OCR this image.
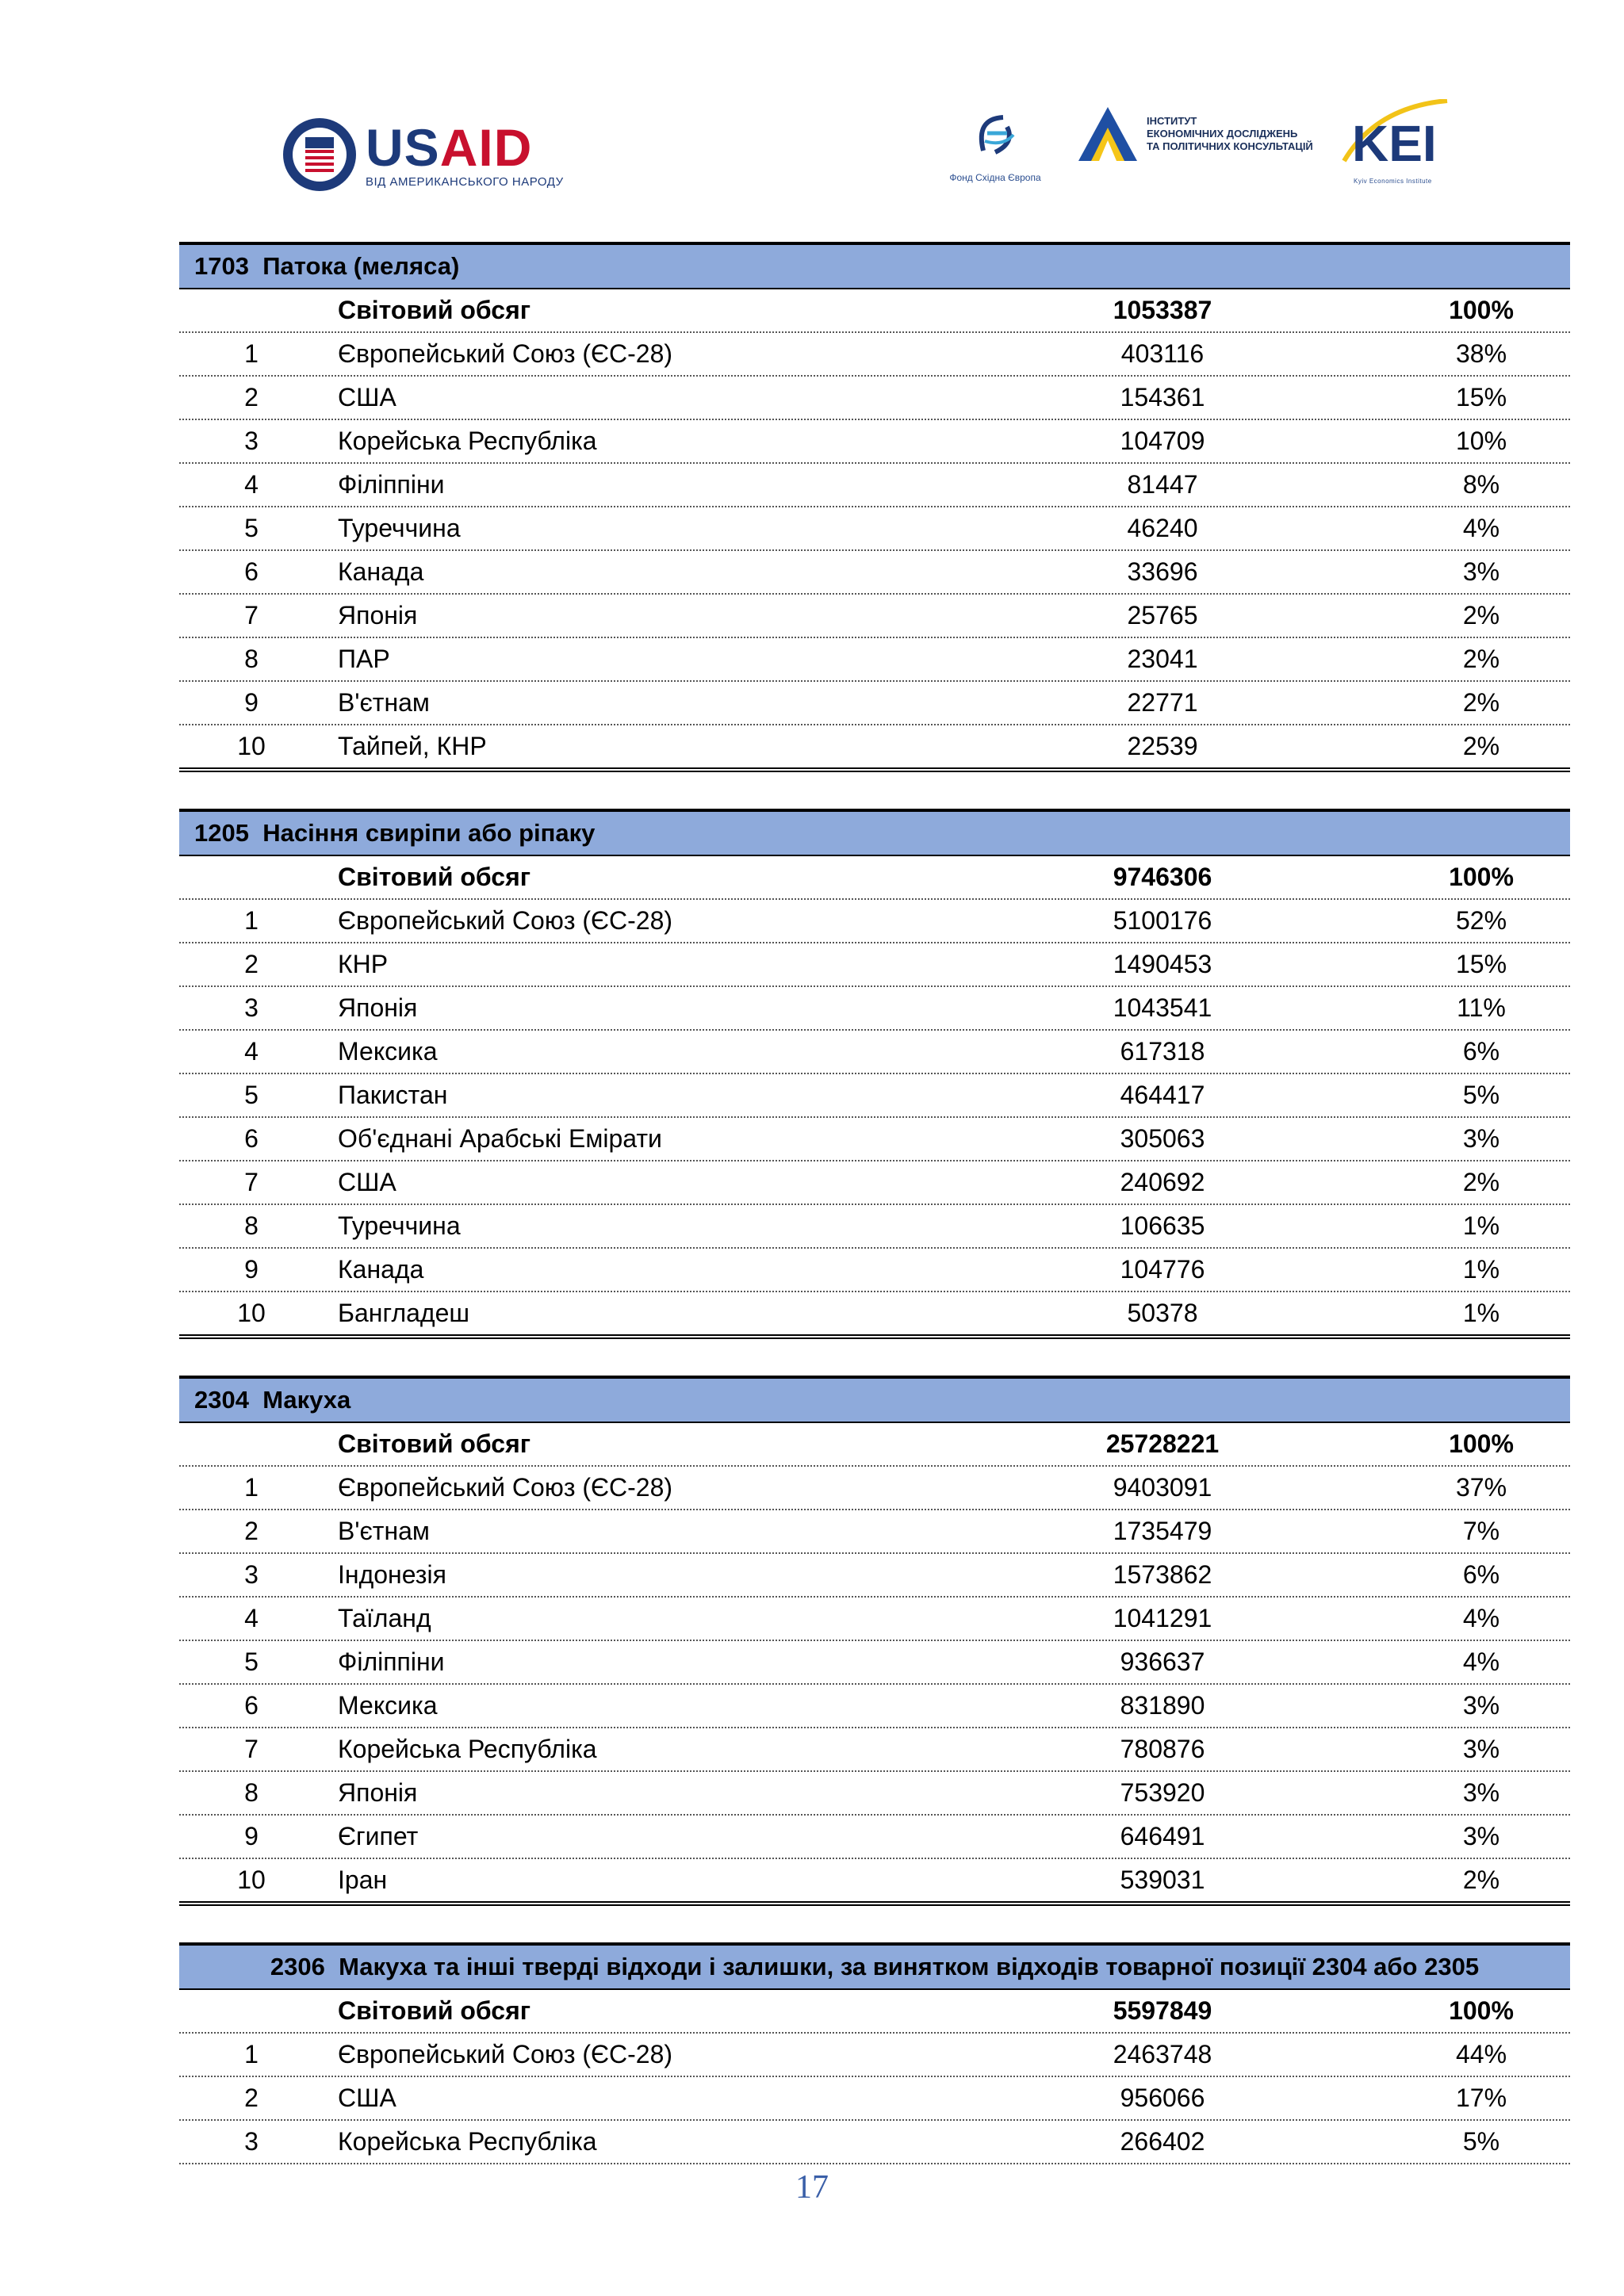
USAID
ВІД АМЕРИКАНСЬКОГО НАРОДУ	Фонд Східна Європа
ІНСТИТУТ
ЕКОНОМІЧНИХ ДОСЛІДЖЕНЬ
ТА ПОЛІТИЧНИХ КОНСУЛЬТАЦІЙ KEI
Kyiv Economics Institute
1703 Патока (меляса)
Світовий обсяг	1053387	100%
1	Європейський Союз (ЄС-28)	403116	38%
2	США	154361	15%
3	Корейська Республіка	104709	10%
4	Філіппіни	81447	8%
5	Туреччина	46240	4%
6	Канада	33696	3%
7	Японія	25765	2%
8	ПАР	23041	2%
9	В'єтнам	22771	2%
10	Тайпей, КНР	22539	2%
1205 Насіння свиріпи або ріпаку
Світовий обсяг	9746306	100%
1	Європейський Союз (ЄС-28)	5100176	52%
2	КНР	1490453	15%
3	Японія	1043541	11%
4	Мексика	617318	6%
5	Пакистан	464417	5%
6	Об'єднані Арабські Емірати	305063	3%
7	США	240692	2%
8	Туреччина	106635	1%
9	Канада	104776	1%
10	Бангладеш	50378	1%
2304 Макуха
Світовий обсяг	25728221	100%
1	Європейський Союз (ЄС-28)	9403091	37%
2	В'єтнам	1735479	7%
3	Індонезія	1573862	6%
4	Таїланд	1041291	4%
5	Філіппіни	936637	4%
6	Мексика	831890	3%
7	Корейська Республіка	780876	3%
8	Японія	753920	3%
9	Єгипет	646491	3%
10	Іран	539031	2%
2306 Макуха та інші тверді відходи і залишки, за винятком відходів товарної позиції 2304 або 2305
Світовий обсяг	5597849	100%
1	Європейський Союз (ЄС-28)	2463748	44%
2	США	956066	17%
3	Корейська Республіка	266402	5%
17
